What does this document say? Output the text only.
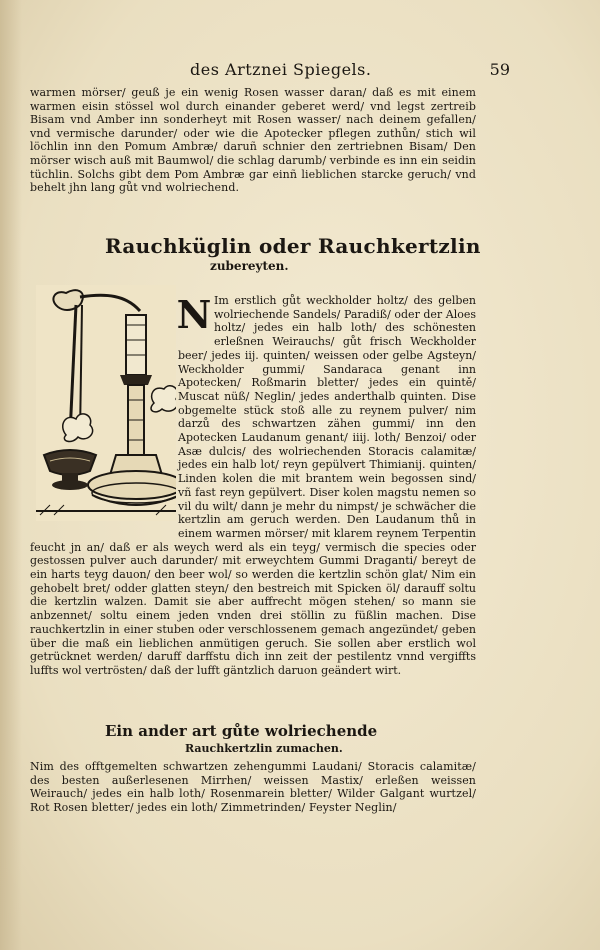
des Artznei Spiegels.	59

warmen mörser/ geuß je ein wenig Rosen wasser daran/ daß es mit einem warmen eisin stössel wol durch einander geberet werd/ vnd legst zertreib Bisam vnd Amber inn sonderheyt mit Rosen wasser/ nach deinem gefallen/ vnd vermische darunder/ oder wie die Apotecker pflegen zuthůn/ stich wil löchlin inn den Pomum Ambræ/ daruñ schnier den zertriebnen Bisam/ Den mörser wisch auß mit Baumwol/ die schlag darumb/ verbinde es inn ein seidin tüchlin. Solchs gibt dem Pom Ambræ gar einñ lieblichen starcke geruch/ vnd behelt jhn lang gůt vnd wolriechend.

Rauchküglin oder Rauchkertzlin
zubereyten.
Im erstlich gůt weckholder holtz/ des gelben wolriechende Sandels/ Paradiß/ oder der Aloes holtz/ jedes ein halb loth/ des schönesten erleßnen Weirauchs/ gůt frisch Weckholder beer/ jedes iij. quinten/ weissen oder gelbe Agsteyn/ Weckholder gummi/ Sandaraca genant inn Apotecken/ Roßmarin bletter/ jedes ein quintě/ Muscat nüß/ Neglin/ jedes anderthalb quinten. Dise obgemelte stück stoß alle zu reynem pulver/ nim darzů des schwartzen zähen gummi/ inn den Apotecken Laudanum genant/ iiij. loth/ Benzoi/ oder Asæ dulcis/ des wolriechenden Storacis calamitæ/ jedes ein halb lot/ reyn gepülvert Thimianij. quinten/ Linden kolen die mit brantem wein begossen sind/ vñ fast reyn gepülvert. Diser kolen magstu nemen so vil du wilt/ dann je mehr du nimpst/ je schwächer die kertzlin am geruch werden. Den Laudanum thů in einem warmen mörser/ mit klarem reynem Terpentin feucht jn an/ daß er als weych werd als ein teyg/ vermisch die species oder gestossen pulver auch darunder/ mit erweychtem Gummi Draganti/ bereyt de ein harts teyg dauon/ den beer wol/ so werden die kertzlin schön glat/ Nim ein gehobelt bret/ odder glatten steyn/ den bestreich mit Spicken öl/ darauff soltu die kertzlin walzen. Damit sie aber auffrecht mögen stehen/ so mann sie anbzennet/ soltu einem jeden vnden drei stöllin zu füßlin machen. Dise rauchkertzlin in einer stuben oder verschlossenem gemach angezündet/ geben über die maß ein lieblichen anmütigen geruch. Sie sollen aber erstlich wol getrücknet werden/ daruff darffstu dich inn zeit der pestilentz vnnd vergiffts luffts wol vertrösten/ daß der lufft gäntzlich daruon geändert wirt.
N
Ein ander art gůte wolriechende
Rauchkertzlin zumachen.

Nim des offtgemelten schwartzen zehengummi Laudani/ Storacis calamitæ/ des besten außerlesenen Mirrhen/ weissen Mastix/ erleßen weissen Weirauch/ jedes ein halb loth/ Rosenmarein bletter/ Wilder Galgant wurtzel/ Rot Rosen bletter/ jedes ein loth/ Zimmetrinden/ Feyster Neglin/
